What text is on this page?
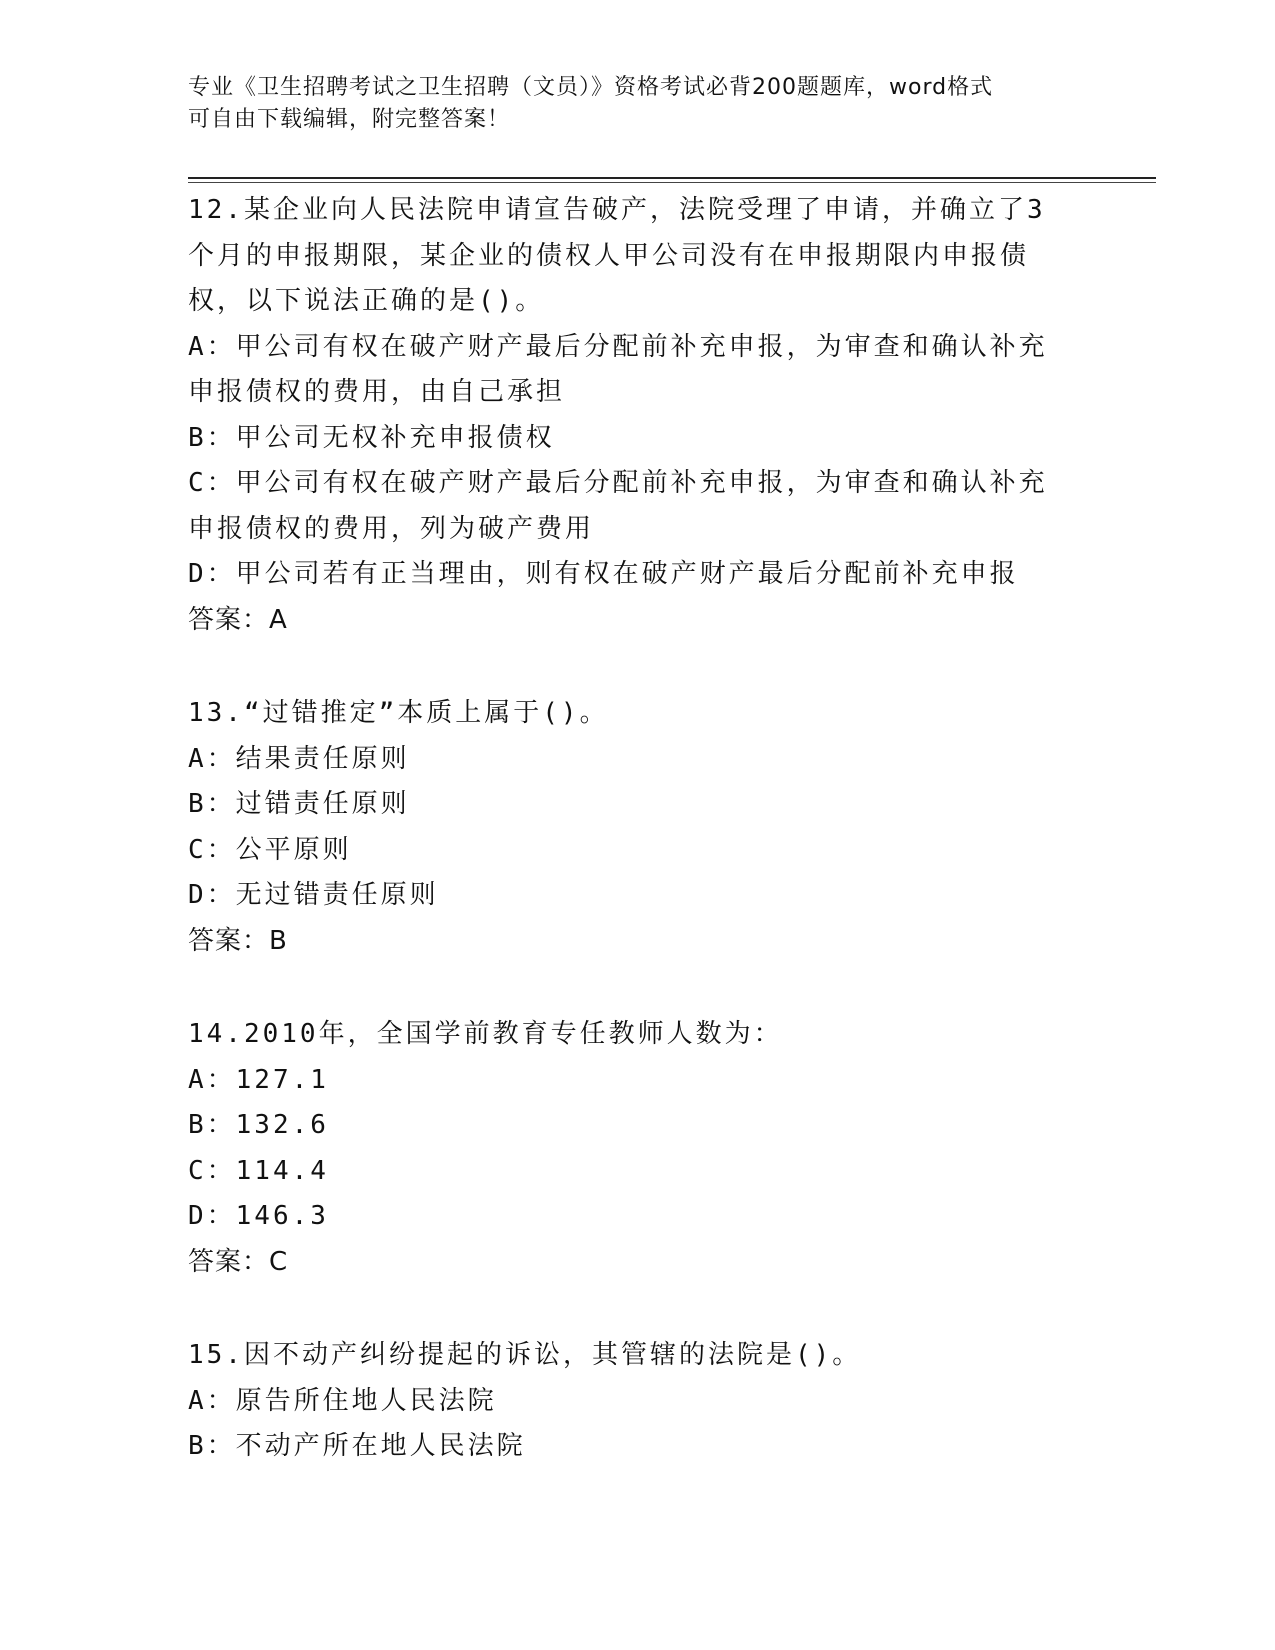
专业《卫生招聘考试之卫生招聘（文员）》资格考试必背200题题库，word格式
可自由下载编辑，附完整答案！
12.某企业向人民法院申请宣告破产，法院受理了申请，并确立了3个月的申报期限，某企业的债权人甲公司没有在申报期限内申报债权，以下说法正确的是()。
A：甲公司有权在破产财产最后分配前补充申报，为审查和确认补充申报债权的费用，由自己承担
B：甲公司无权补充申报债权
C：甲公司有权在破产财产最后分配前补充申报，为审查和确认补充申报债权的费用，列为破产费用
D：甲公司若有正当理由，则有权在破产财产最后分配前补充申报
答案：A
13.“过错推定”本质上属于()。
A：结果责任原则
B：过错责任原则
C：公平原则
D：无过错责任原则
答案：B
14.2010年，全国学前教育专任教师人数为：
A：127.1
B：132.6
C：114.4
D：146.3
答案：C
15.因不动产纠纷提起的诉讼，其管辖的法院是()。
A：原告所住地人民法院
B：不动产所在地人民法院
